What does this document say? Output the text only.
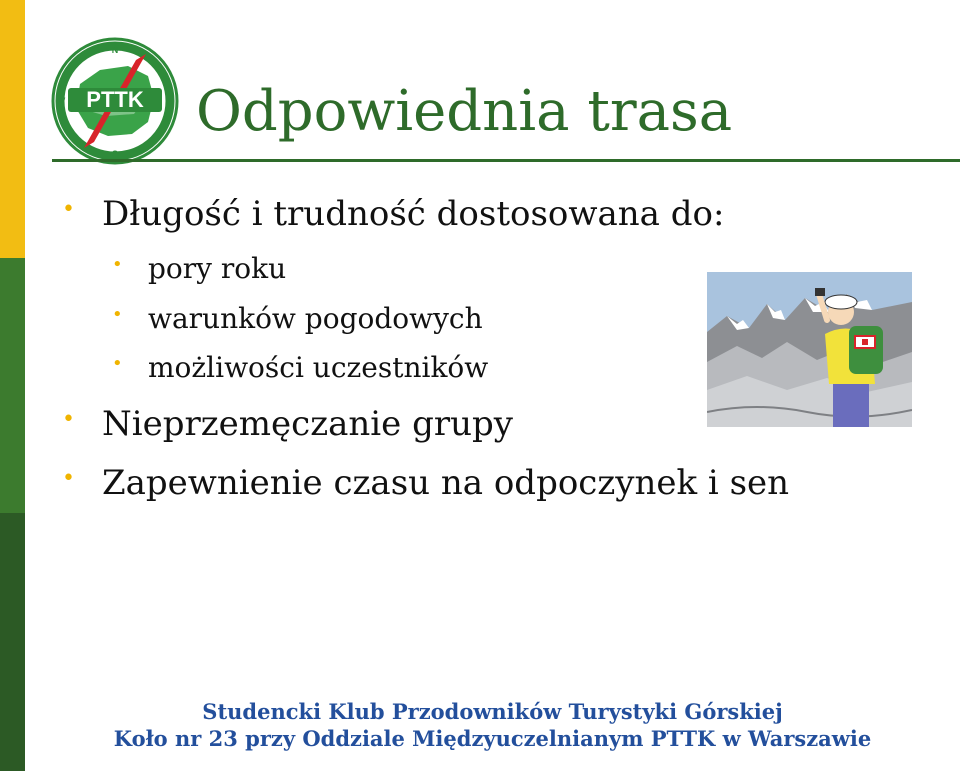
PTTK
N
E
S
W Odpowiednia trasa
• Długość i trudność dostosowana do:
• pory roku
• warunków pogodowych
• możliwości uczestników
• Nieprzemęczanie grupy
• Zapewnienie czasu na odpoczynek i sen
Studencki Klub Przodowników Turystyki Górskiej
Koło nr 23 przy Oddziale Międzyuczelnianym PTTK w Warszawie
